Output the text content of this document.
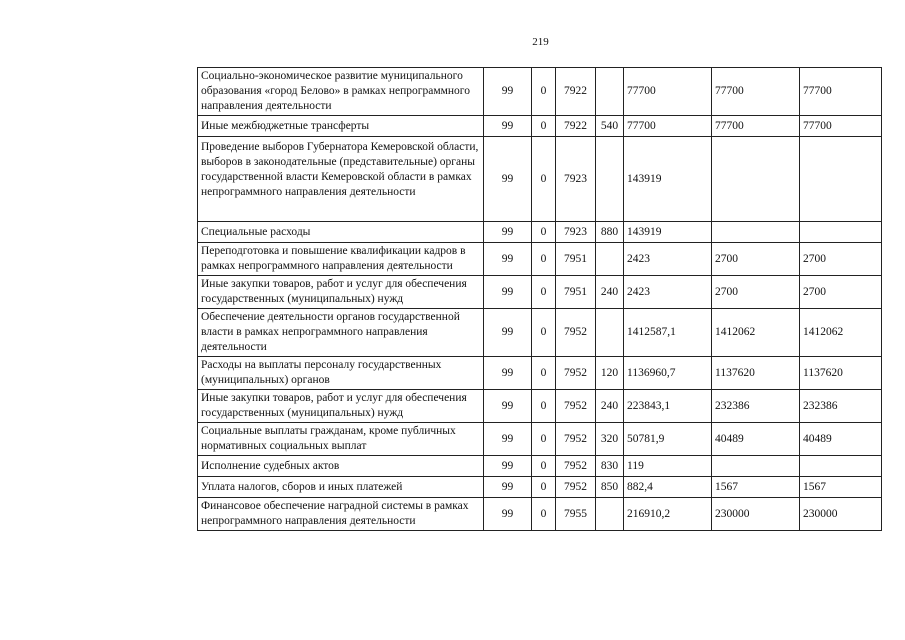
219
Социально-экономическое развитие муниципального образования «город Белово» в рамках непрограммного направления деятельности	99	0	7922		77700	77700	77700
Иные межбюджетные трансферты	99	0	7922	540	77700	77700	77700
Проведение выборов Губернатора Кемеровской области, выборов в законодательные (представительные) органы государственной власти Кемеровской области в рамках непрограммного направления деятельности	99	0	7923		143919		
Специальные расходы	99	0	7923	880	143919		
Переподготовка и повышение квалификации кадров в рамках непрограммного направления деятельности	99	0	7951		2423	2700	2700
Иные закупки товаров, работ и услуг для обеспечения государственных (муниципальных) нужд	99	0	7951	240	2423	2700	2700
Обеспечение деятельности органов государственной власти в рамках непрограммного направления деятельности	99	0	7952		1412587,1	1412062	1412062
Расходы на выплаты персоналу государственных (муниципальных) органов	99	0	7952	120	1136960,7	1137620	1137620
Иные закупки товаров, работ и услуг для обеспечения государственных (муниципальных) нужд	99	0	7952	240	223843,1	232386	232386
Социальные выплаты гражданам, кроме публичных нормативных социальных выплат	99	0	7952	320	50781,9	40489	40489
Исполнение судебных актов	99	0	7952	830	119		
Уплата налогов, сборов и иных платежей	99	0	7952	850	882,4	1567	1567
Финансовое обеспечение наградной системы в рамках непрограммного направления деятельности	99	0	7955		216910,2	230000	230000
